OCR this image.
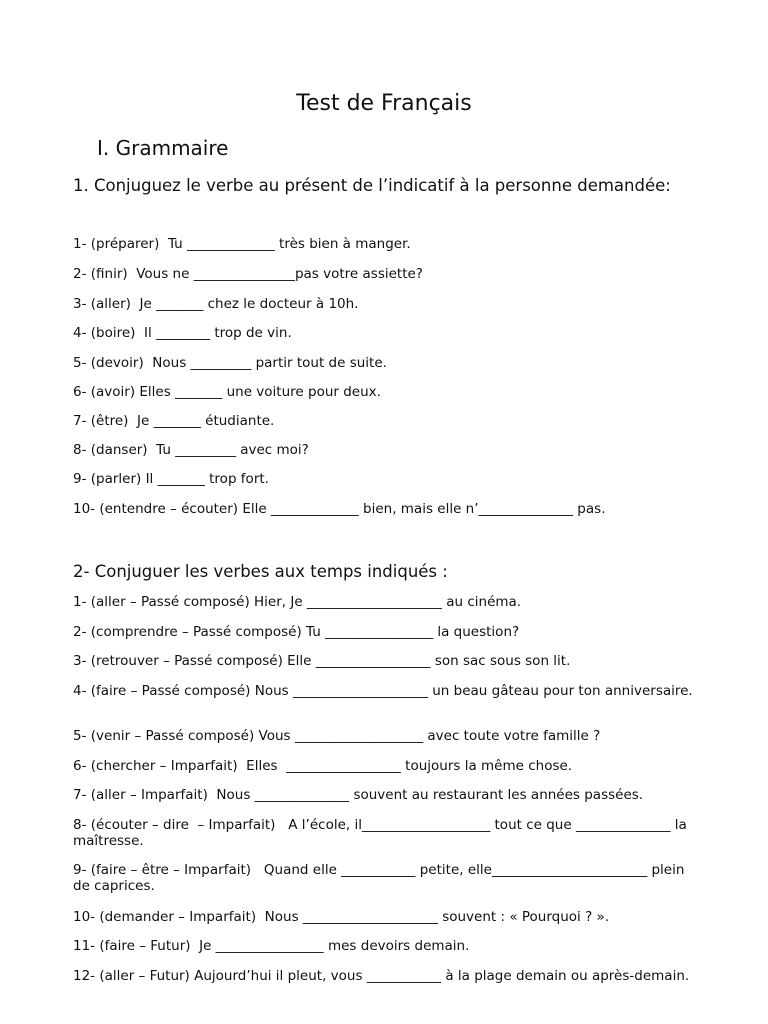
Test de Français
I. Grammaire
1. Conjuguez le verbe au présent de l’indicatif à la personne demandée:
1- (préparer)  Tu _____________ très bien à manger.
2- (finir)  Vous ne _______________pas votre assiette?
3- (aller)  Je _______ chez le docteur à 10h.
4- (boire)  Il ________ trop de vin.
5- (devoir)  Nous _________ partir tout de suite.
6- (avoir) Elles _______ une voiture pour deux.
7- (être)  Je _______ étudiante.
8- (danser)  Tu _________ avec moi?
9- (parler) Il _______ trop fort.
10- (entendre – écouter) Elle _____________ bien, mais elle n’______________ pas.
2- Conjuguer les verbes aux temps indiqués :
1- (aller – Passé composé) Hier, Je ____________________ au cinéma.
2- (comprendre – Passé composé) Tu ________________ la question?
3- (retrouver – Passé composé) Elle _________________ son sac sous son lit.
4- (faire – Passé composé) Nous ____________________ un beau gâteau pour ton anniversaire.
5- (venir – Passé composé) Vous ___________________ avec toute votre famille ?
6- (chercher – Imparfait)  Elles  _________________ toujours la même chose.
7- (aller – Imparfait)  Nous ______________ souvent au restaurant les années passées.
8- (écouter – dire  – Imparfait)   A l’école, il___________________ tout ce que ______________ la maîtresse.
9- (faire – être – Imparfait)   Quand elle ___________ petite, elle_______________________ plein de caprices.
10- (demander – Imparfait)  Nous ____________________ souvent : « Pourquoi ? ».
11- (faire – Futur)  Je ________________ mes devoirs demain.
12- (aller – Futur) Aujourd’hui il pleut, vous ___________ à la plage demain ou après-demain.
